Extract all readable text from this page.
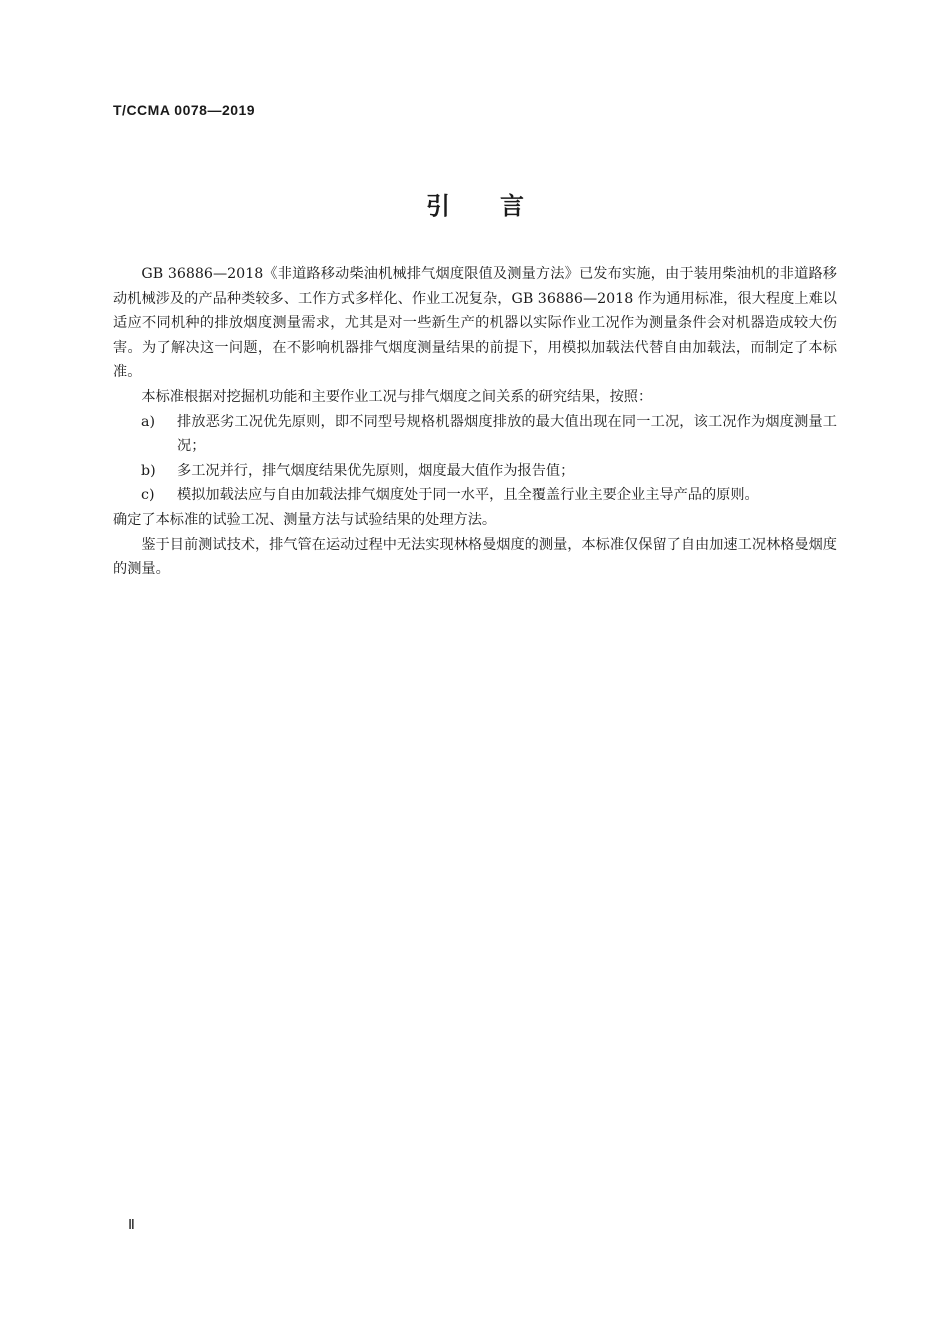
T/CCMA 0078—2019
引言

GB 36886—2018《非道路移动柴油机械排气烟度限值及测量方法》已发布实施，由于装用柴油机的非道路移动机械涉及的产品种类较多、工作方式多样化、作业工况复杂，GB 36886—2018 作为通用标准，很大程度上难以适应不同机种的排放烟度测量需求，尤其是对一些新生产的机器以实际作业工况作为测量条件会对机器造成较大伤害。为了解决这一问题，在不影响机器排气烟度测量结果的前提下，用模拟加载法代替自由加载法，而制定了本标准。

本标准根据对挖掘机功能和主要作业工况与排气烟度之间关系的研究结果，按照：

a)	排放恶劣工况优先原则，即不同型号规格机器烟度排放的最大值出现在同一工况，该工况作为烟度测量工况；
b)	多工况并行，排气烟度结果优先原则，烟度最大值作为报告值；
c)	模拟加载法应与自由加载法排气烟度处于同一水平，且全覆盖行业主要企业主导产品的原则。

确定了本标准的试验工况、测量方法与试验结果的处理方法。

鉴于目前测试技术，排气管在运动过程中无法实现林格曼烟度的测量，本标准仅保留了自由加速工况林格曼烟度的测量。

Ⅱ
